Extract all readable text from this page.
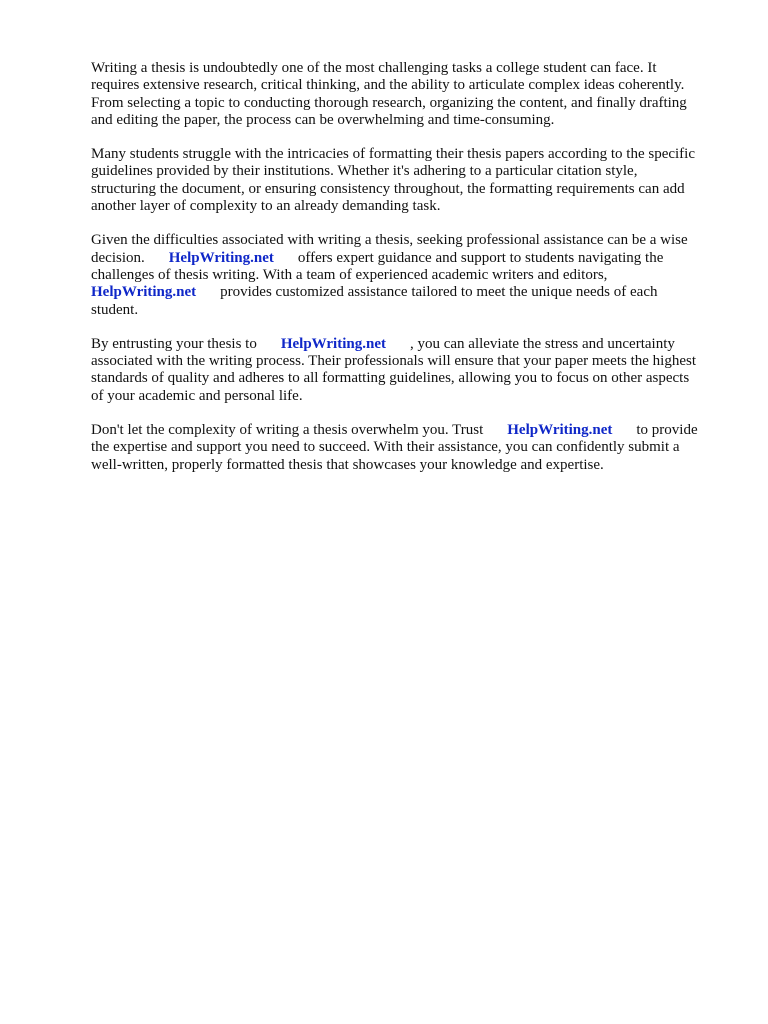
Writing a thesis is undoubtedly one of the most challenging tasks a college student can face. It
requires extensive research, critical thinking, and the ability to articulate complex ideas coherently.
From selecting a topic to conducting thorough research, organizing the content, and finally drafting
and editing the paper, the process can be overwhelming and time-consuming.

Many students struggle with the intricacies of formatting their thesis papers according to the specific
guidelines provided by their institutions. Whether it's adhering to a particular citation style,
structuring the document, or ensuring consistency throughout, the formatting requirements can add
another layer of complexity to an already demanding task.

Given the difficulties associated with writing a thesis, seeking professional assistance can be a wise
decision. HelpWriting.net offers expert guidance and support to students navigating the
challenges of thesis writing. With a team of experienced academic writers and editors,
HelpWriting.net provides customized assistance tailored to meet the unique needs of each
student.

By entrusting your thesis to HelpWriting.net , you can alleviate the stress and uncertainty
associated with the writing process. Their professionals will ensure that your paper meets the highest
standards of quality and adheres to all formatting guidelines, allowing you to focus on other aspects
of your academic and personal life.

Don't let the complexity of writing a thesis overwhelm you. Trust HelpWriting.net to provide
the expertise and support you need to succeed. With their assistance, you can confidently submit a
well-written, properly formatted thesis that showcases your knowledge and expertise.
